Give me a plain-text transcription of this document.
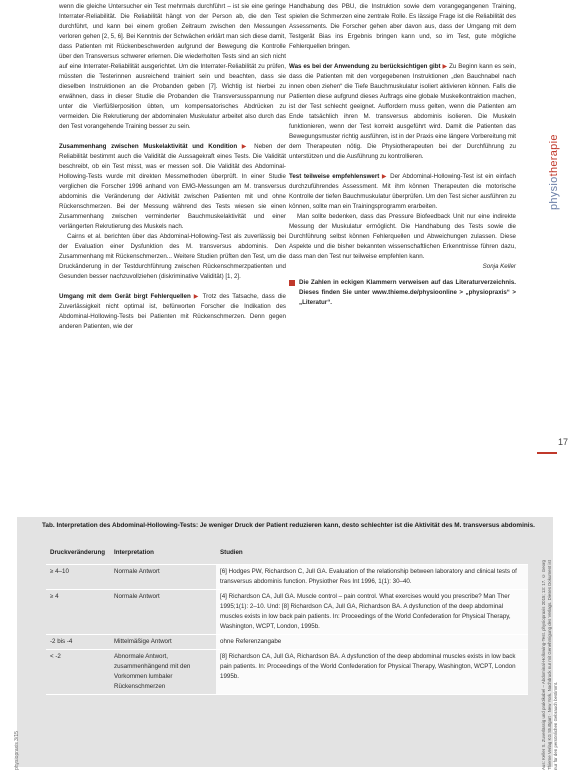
wenn die gleiche Untersucher ein Test mehrmals durchführt – ist sie eine geringe Interrater-Reliabilität. Die Reliabilität hängt von der Person ab, die den Test durchführt, und kann bei einem großen Zeitraum zwischen den Messungen verloren gehen [2, 5, 6]. Bei Kenntnis der Schwächen erklärt man sich diese damit, dass Patienten mit Rückenbeschwerden aufgrund der Bewegung die Kontrolle über den Transversus schwerer erlernen. Die wiederholten Tests sind an sich nicht auf eine Interrater-Reliabilität ausgerichtet. Um die Interrater-Reliabilität zu prüfen, müssten die Testerinnen ausreichend trainiert sein und beachten, dass sie dieselben Instruktionen an die Probanden geben [7]. Wichtig ist hierbei zu erwähnen, dass in dieser Studie die Probanden die Transversusspannung nur unter die Vierfüßlerposition übten, um kompensatorisches Abdrücken zu vermeiden. Die Rekrutierung der abdominalen Muskulatur arbeitet also durch das den Test vorangehende Training besser zu sein.

Zusammenhang zwischen Muskelaktivität und Kondition ▶ Neben der Reliabilität bestimmt auch die Validität die Aussagekraft eines Tests. Die Validität beschreibt, ob ein Test misst, was er messen soll. Die Validität des Abdominal-Hollowing-Tests wurde mit direkten Messmethoden überprüft. In einer Studie verglichen die Forscher 1996 anhand von EMG-Messungen am M. transversus abdominis die Veränderung der Aktivität zwischen Patienten mit und ohne Rückenschmerzen. Bei der Messung während des Tests wiesen sie einen Zusammenhang zwischen verminderter Bauchmuskelaktivität und einer verlängerten Rekrutierung des Muskels nach.

Cairns et al. berichten über das Abdominal-Hollowing-Test als zuverlässig bei der Evaluation einer Dysfunktion des M. transversus abdominis. Den Zusammenhang mit Rückenschmerzen... Weitere Studien prüften den Test, um die Druckänderung in der Testdurchführung zwischen Rückenschmerzpatienten und Gesunden besser nachzuvollziehen (diskriminative Validität) [1, 2].

Umgang mit dem Gerät birgt Fehlerquellen ▶ Trotz des Tatsache, dass die Zuverlässigkeit nicht optimal ist, befürworten Forscher die Indikation des Abdominal-Hollowing-Tests bei Patienten mit Rückenschmerzen. Denn gegen anderen Patienten, wie der

Handhabung des PBU, die Instruktion sowie dem vorangegangenen Training, spielen die Schmerzen eine zentrale Rolle. Es lässige Frage ist die Reliabilität des Assessments. Die Forscher gehen aber davon aus, dass der Umgang mit dem Testgerät Bias ins Ergebnis bringen kann und, so im Test, gute mögliche Fehlerquellen bringen.

Was es bei der Anwendung zu berücksichtigen gibt ▶ Zu Beginn kann es sein, dass die Patienten mit den vorgegebenen Instruktionen „den Bauchnabel nach innen oben ziehen“ die Tiefe Bauchmuskulatur isoliert aktivieren können. Falls die Patienten diese aufgrund dieses Auftrags eine globale Muskelkontraktion machen, ist der Test schlecht geeignet. Auffordern muss gelten, wenn die Patienten am Ende tatsächlich ihren M. transversus abdominis isolieren. Die Muskeln funktionieren, wenn der Test korrekt ausgeführt wird. Damit die Patienten das Bewegungsmuster richtig ausführen, ist in der Praxis eine längere Vorbereitung mit dem Therapeuten nötig. Die Physiotherapeuten bei der Durchführung zu unterstützen und die Ausführung zu kontrollieren.

Test teilweise empfehlenswert ▶ Der Abdominal-Hollowing-Test ist ein einfach durchzuführendes Assessment. Mit ihm können Therapeuten die motorische Kontrolle der tiefen Bauchmuskulatur überprüfen. Um den Test sicher ausführen zu können, sollte man ein Trainingsprogramm erarbeiten.

Man sollte bedenken, dass das Pressure Biofeedback Unit nur eine indirekte Messung der Muskulatur ermöglicht. Die Handhabung des Tests sowie die Durchführung selbst können Fehlerquellen und Abweichungen zulassen. Diese Aspekte und die bisher bekannten wissenschaftlichen Erkenntnisse führen dazu, dass man den Test nur teilweise empfehlen kann.

Sonja Keller

Die Zahlen in eckigen Klammern verweisen auf das Literaturverzeichnis. Dieses finden Sie unter www.thieme.de/physioonline > „physiopraxis“ > „Literatur“.
physiotherapie
17
Tab. Interpretation des Abdominal-Hollowing-Tests: Je weniger Druck der Patient reduzieren kann, desto schlechter ist die Aktivität des M. transversus abdominis.
Druckveränderung	Interpretation	Studien
≥ 4–10	Normale Antwort	[6] Hodges PW, Richardson C, Jull GA. Evaluation of the relationship between laboratory and clinical tests of transversus abdominis function. Physiother Res Int 1996, 1(1): 30–40.
≥ 4	Normale Antwort	[4] Richardson CA, Jull GA. Muscle control – pain control. What exercises would you prescribe? Man Ther 1995;1(1): 2–10. Und: [8] Richardson CA, Jull GA, Richardson BA. A dysfunction of the deep abdominal muscles exists in low back pain patients. In: Proceedings of the World Confederation for Physical Therapy, Washington, WCPT, London, 1995b.
-2 bis -4	Mittelmäßige Antwort	ohne Referenzangabe
< -2	Abnormale Antwort, zusammenhängend mit den Vorkommen lumbaler Rückenschmerzen	[8] Richardson CA, Jull GA, Richardson BA. A dysfunction of the deep abdominal muscles exists in low back pain patients. In: Proceedings of the World Confederation for Physical Therapy, Washington, WCPT, London 1995b.	Aus: Keller S. Zuverlässig und praktikabel – Abdominal-Hollowing-Test. physiopraxis 2015; 13: 17. © Georg Thieme Verlag KG Stuttgart · New York. Nachdruck nur mit Genehmigung des Verlags. Dieses Dokument ist nur für den persönlichen Gebrauch bestimmt.
physiopraxis 3/15
